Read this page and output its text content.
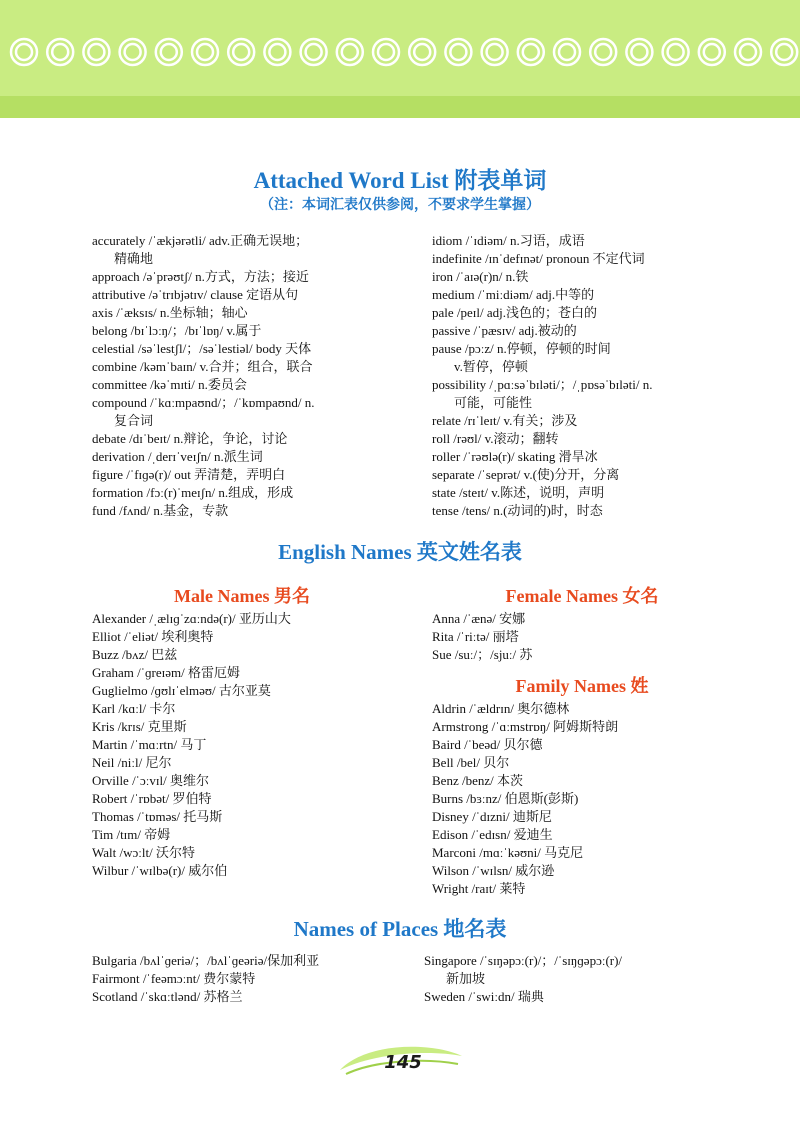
Attached Word List 附表单词
（注：本词汇表仅供参阅，不要求学生掌握）
accurately /ˈækjərətli/ adv.正确无误地；
精确地
approach /əˈprəʊtʃ/ n.方式，方法；接近
attributive /əˈtrɪbjətɪv/ clause 定语从句
axis /ˈæksɪs/ n.坐标轴；轴心
belong /bɪˈlɔːŋ/；/bɪˈlɒŋ/ v.属于
celestial /səˈlestʃl/；/səˈlestiəl/ body 天体
combine /kəmˈbaɪn/ v.合并；组合，联合
committee /kəˈmɪti/ n.委员会
compound /ˈkɑːmpaʊnd/；/ˈkɒmpaʊnd/ n.
复合词
debate /dɪˈbeɪt/ n.辩论，争论，讨论
derivation /ˌderɪˈveɪʃn/ n.派生词
figure /ˈfɪɡə(r)/ out 弄清楚，弄明白
formation /fɔː(r)ˈmeɪʃn/ n.组成，形成
fund /fʌnd/ n.基金，专款
idiom /ˈɪdiəm/ n.习语，成语
indefinite /ɪnˈdefɪnət/ pronoun 不定代词
iron /ˈaɪə(r)n/ n.铁
medium /ˈmiːdiəm/ adj.中等的
pale /peɪl/ adj.浅色的；苍白的
passive /ˈpæsɪv/ adj.被动的
pause /pɔːz/ n.停顿，停顿的时间
v.暂停，停顿
possibility /ˌpɑːsəˈbɪləti/；/ˌpɒsəˈbɪləti/ n.
可能，可能性
relate /rɪˈleɪt/ v.有关；涉及
roll /rəʊl/ v.滚动；翻转
roller /ˈrəʊlə(r)/ skating 滑旱冰
separate /ˈseprət/ v.(使)分开，分离
state /steɪt/ v.陈述，说明，声明
tense /tens/ n.(动词的)时，时态
English Names 英文姓名表
Male Names 男名
Alexander /ˌælɪɡˈzɑːndə(r)/ 亚历山大
Elliot /ˈeliət/ 埃利奥特
Buzz /bʌz/ 巴兹
Graham /ˈɡreɪəm/ 格雷厄姆
Guglielmo /ɡʊlɪˈelməʊ/ 古尔亚莫
Karl /kɑːl/ 卡尔
Kris /krɪs/ 克里斯
Martin /ˈmɑːrtn/ 马丁
Neil /niːl/ 尼尔
Orville /ˈɔːvɪl/ 奥维尔
Robert /ˈrɒbət/ 罗伯特
Thomas /ˈtɒməs/ 托马斯
Tim /tɪm/ 帝姆
Walt /wɔːlt/ 沃尔特
Wilbur /ˈwɪlbə(r)/ 威尔伯
Female Names 女名
Anna /ˈænə/ 安娜
Rita /ˈriːtə/ 丽塔
Sue /suː/；/sjuː/ 苏
Family Names 姓
Aldrin /ˈældrɪn/ 奥尔德林
Armstrong /ˈɑːmstrɒŋ/ 阿姆斯特朗
Baird /ˈbeəd/ 贝尔德
Bell /bel/ 贝尔
Benz /benz/ 本茨
Burns /bɜːnz/ 伯恩斯(彭斯)
Disney /ˈdɪzni/ 迪斯尼
Edison /ˈedɪsn/ 爱迪生
Marconi /mɑːˈkəʊni/ 马克尼
Wilson /ˈwɪlsn/ 威尔逊
Wright /raɪt/ 莱特
Names of Places 地名表
Bulgaria /bʌlˈɡeriə/；/bʌlˈɡeəriə/保加利亚
Fairmont /ˈfeəmɔːnt/ 费尔蒙特
Scotland /ˈskɑːtlənd/ 苏格兰
Singapore /ˈsɪŋəpɔː(r)/；/ˈsɪŋɡəpɔː(r)/
新加坡
Sweden /ˈswiːdn/ 瑞典
145
